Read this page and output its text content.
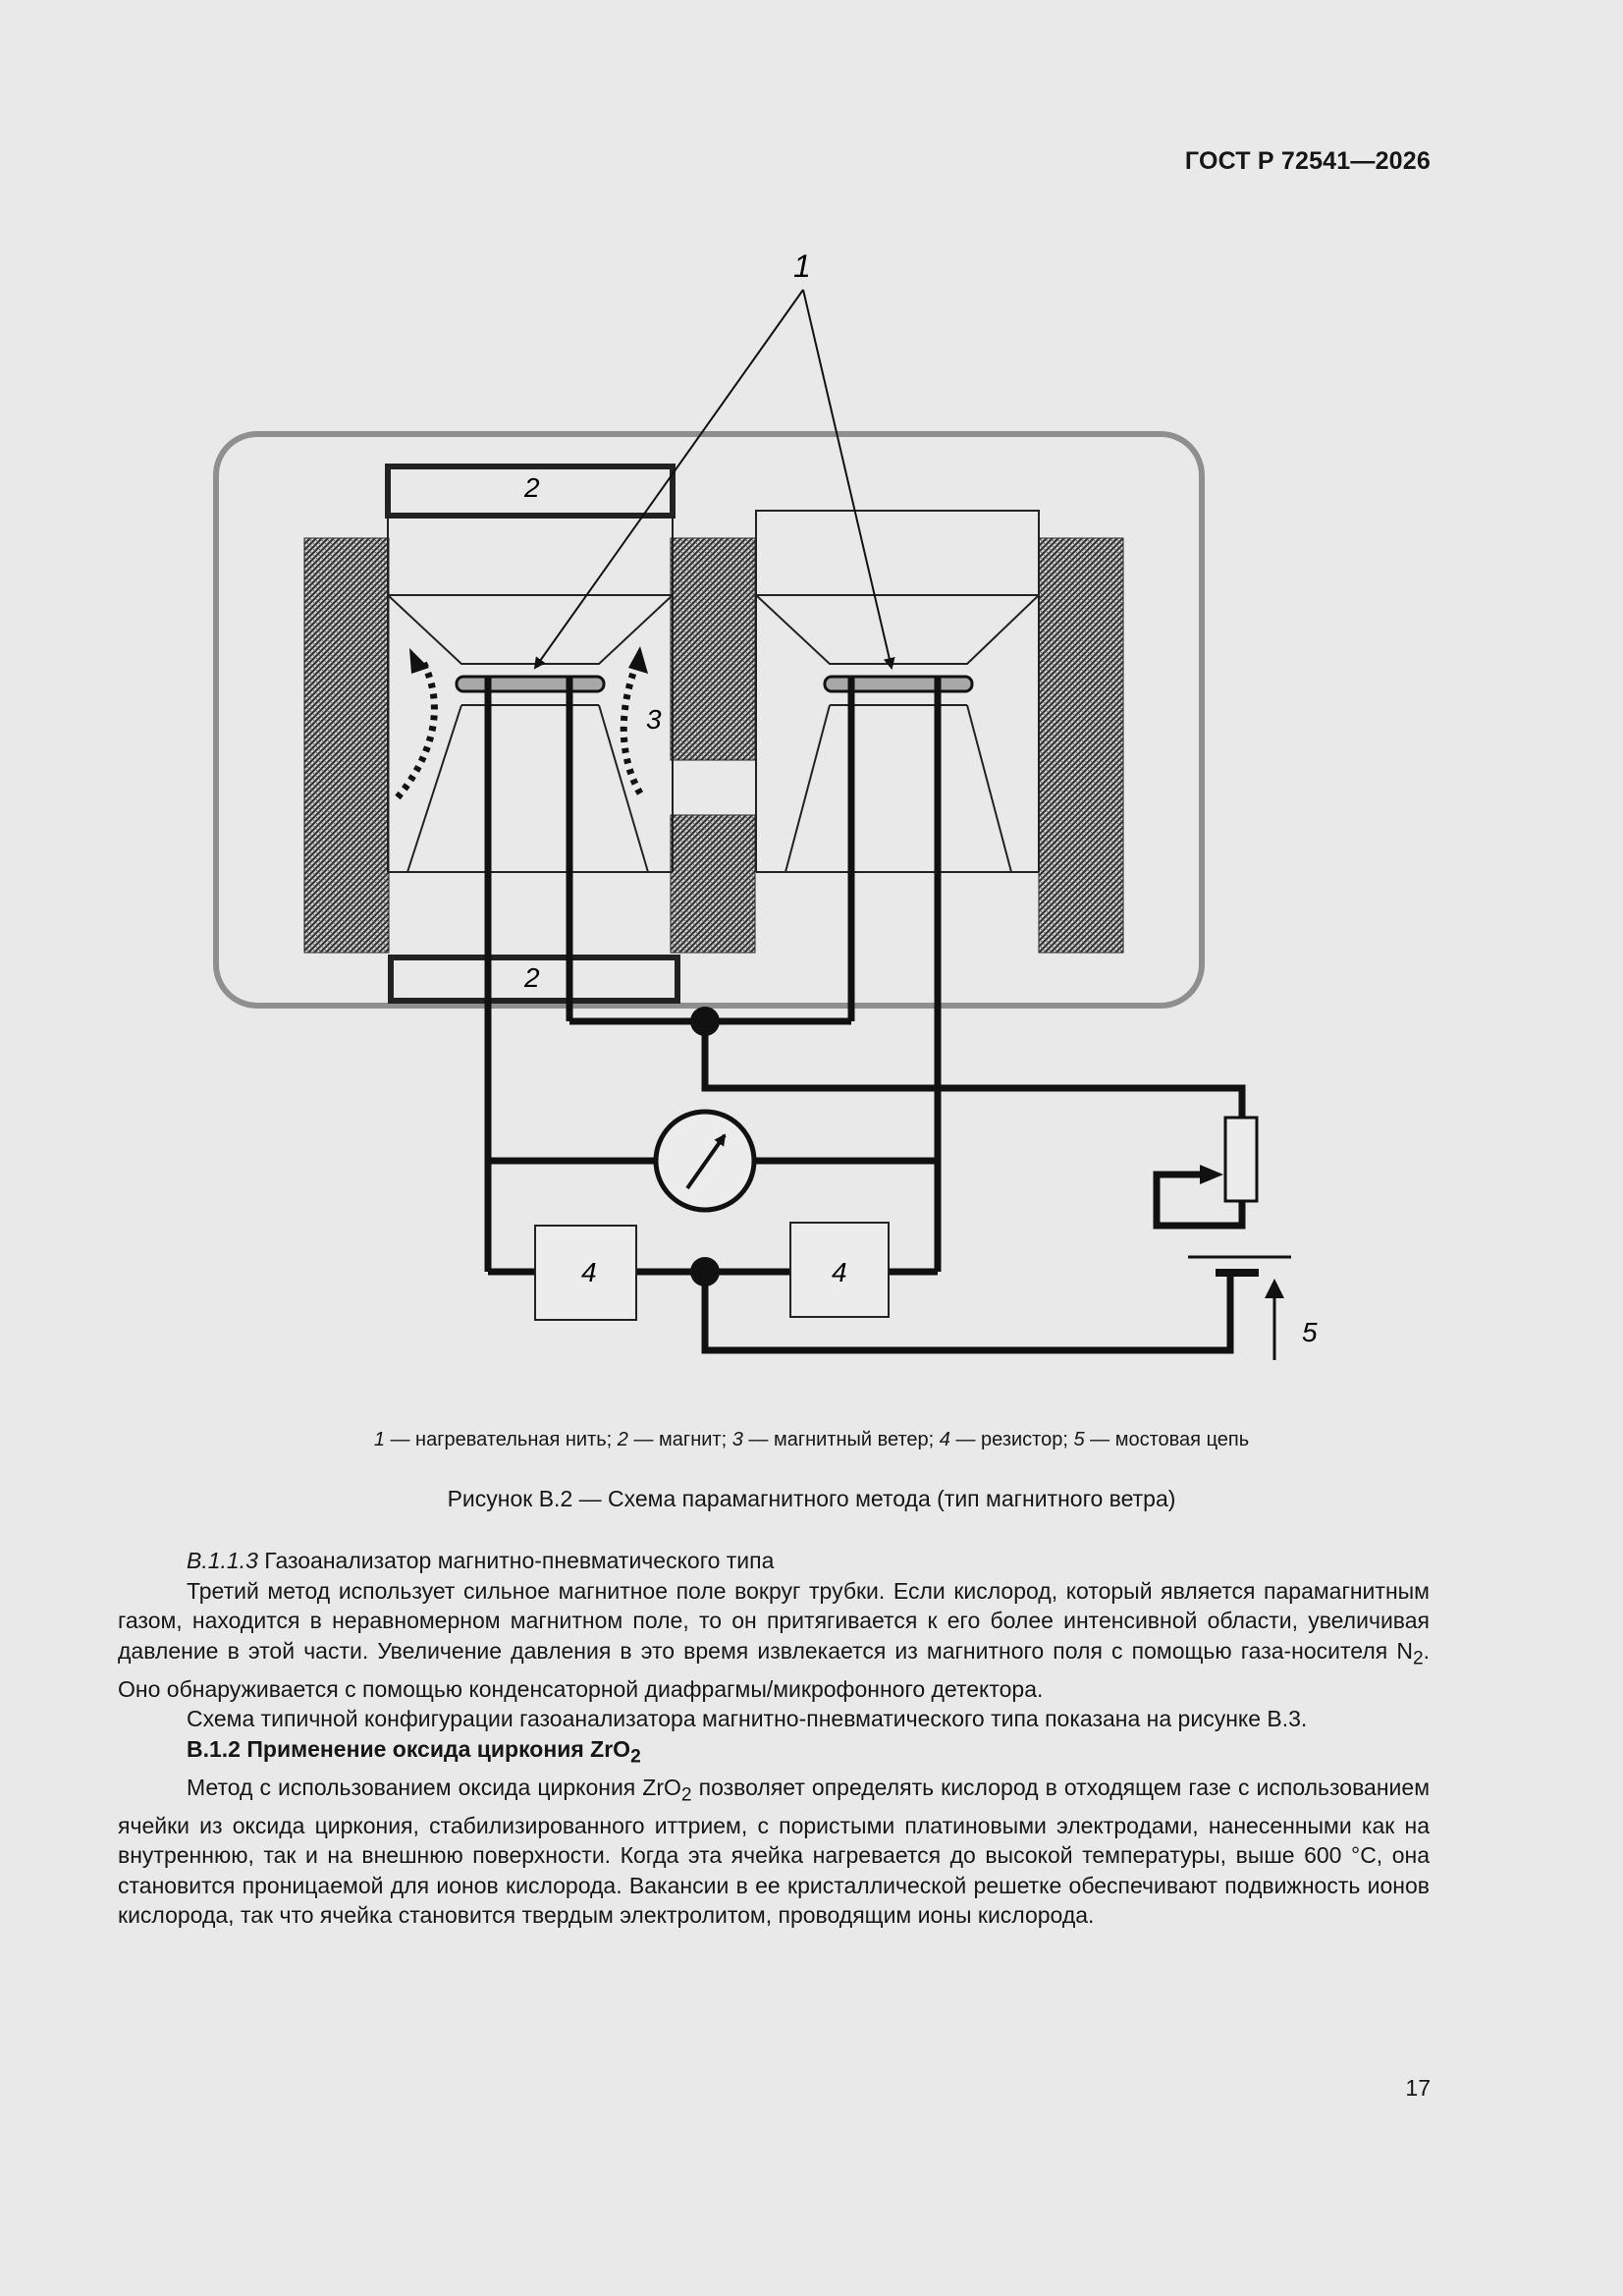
ГОСТ Р 72541—2026
1
2
2
3
4	4
5
1 — нагревательная нить; 2 — магнит; 3 — магнитный ветер; 4 — резистор; 5 — мостовая цепь
Рисунок В.2 — Схема парамагнитного метода (тип магнитного ветра)

B.1.1.3 Газоанализатор магнитно-пневматического типа

Третий метод использует сильное магнитное поле вокруг трубки. Если кислород, который является парамагнитным газом, находится в неравномерном магнитном поле, то он притягивается к его более интенсивной области, увеличивая давление в этой части. Увеличение давления в это время извлекается из магнитного поля с помощью газа-носителя $N_2$. Оно обнаруживается с помощью конденсаторной диафрагмы/микрофонного детектора.

Схема типичной конфигурации газоанализатора магнитно-пневматического типа показана на рисунке В.3.

В.1.2 Применение оксида циркония ZrO$_2$

Метод с использованием оксида циркония ZrO$_2$ позволяет определять кислород в отходящем газе с использованием ячейки из оксида циркония, стабилизированного иттрием, с пористыми платиновыми электродами, нанесенными как на внутреннюю, так и на внешнюю поверхности. Когда эта ячейка нагревается до высокой температуры, выше 600 °С, она становится проницаемой для ионов кислорода. Вакансии в ее кристаллической решетке обеспечивают подвижность ионов кислорода, так что ячейка становится твердым электролитом, проводящим ионы кислорода.

17
